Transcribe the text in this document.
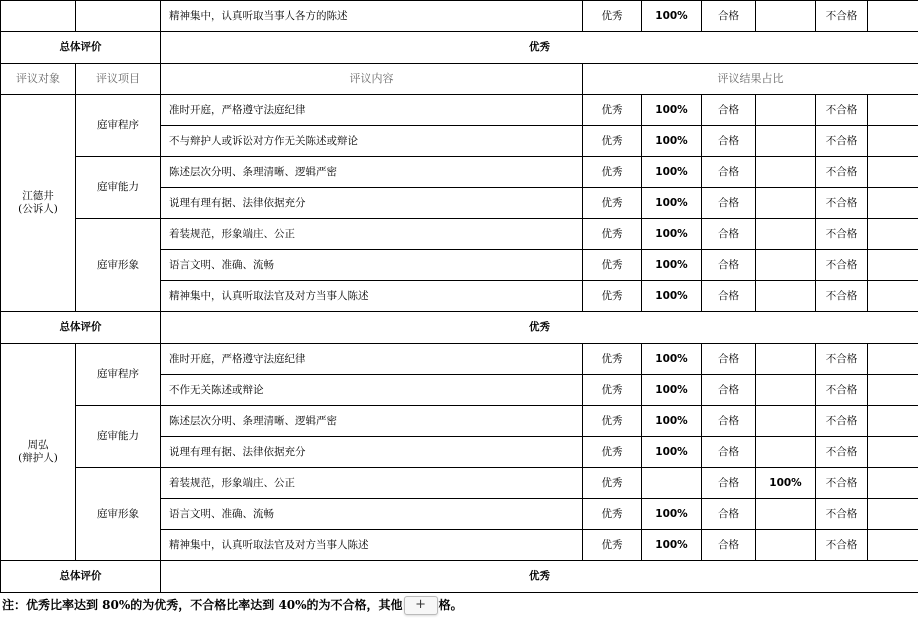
		精神集中，认真听取当事人各方的陈述	优秀	100%	合格		不合格	
总体评价		优秀						
评议对象	评议项目	评议内容	评议结果占比					

江德井
(公诉人)	庭审程序	准时开庭，严格遵守法庭纪律	优秀	100%	合格		不合格	
		不与辩护人或诉讼对方作无关陈述或辩论	优秀	100%	合格		不合格	
	庭审能力	陈述层次分明、条理清晰、逻辑严密	优秀	100%	合格		不合格	
		说理有理有据、法律依据充分	优秀	100%	合格		不合格	
	庭审形象	着装规范，形象端庄、公正	优秀	100%	合格		不合格	
		语言文明、准确、流畅	优秀	100%	合格		不合格	
		精神集中，认真听取法官及对方当事人陈述	优秀	100%	合格		不合格	
总体评价		优秀						

周弘
(辩护人)	庭审程序	准时开庭，严格遵守法庭纪律	优秀	100%	合格		不合格	
		不作无关陈述或辩论	优秀	100%	合格		不合格	
	庭审能力	陈述层次分明、条理清晰、逻辑严密	优秀	100%	合格		不合格	
		说理有理有据、法律依据充分	优秀	100%	合格		不合格	
	庭审形象	着装规范，形象端庄、公正	优秀		合格	100%	不合格	
		语言文明、准确、流畅	优秀	100%	合格		不合格	
		精神集中，认真听取法官及对方当事人陈述	优秀	100%	合格		不合格	
总体评价		优秀						
注：优秀比率达到 80%的为优秀，不合格比率达到 40%的为不合格，其他 + 格。
